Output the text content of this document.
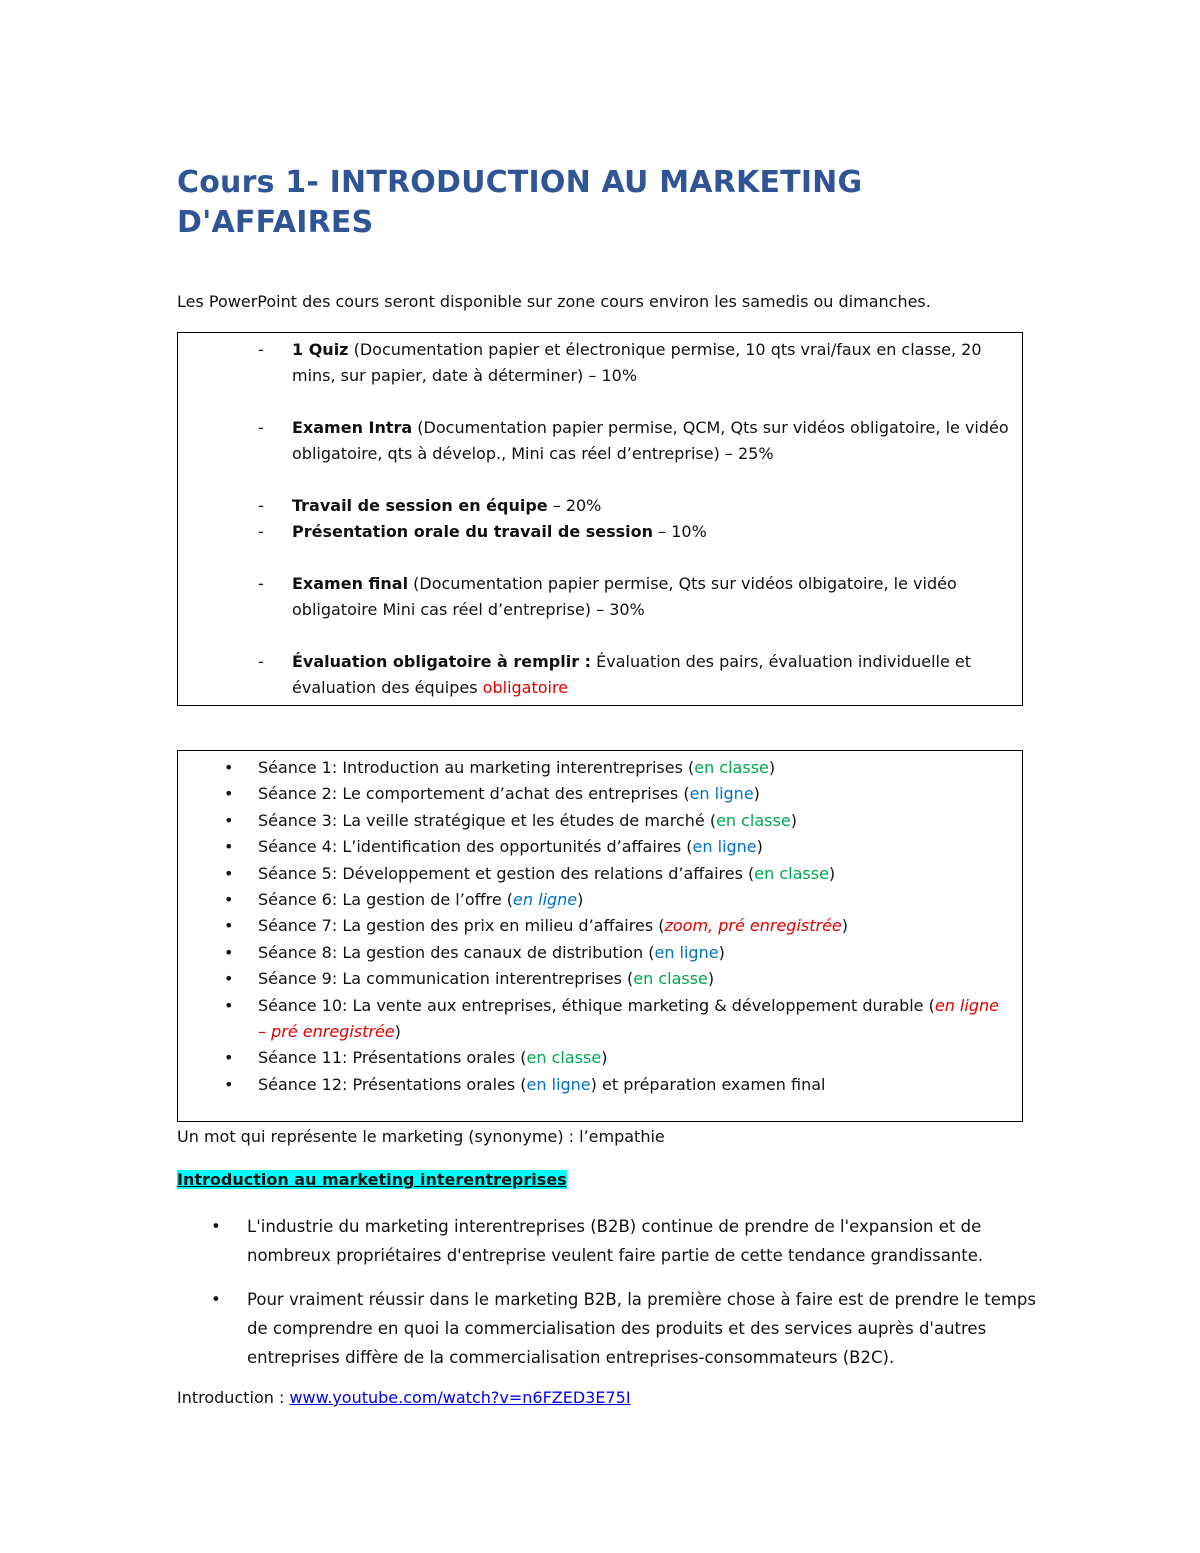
Cours 1- INTRODUCTION AU MARKETING D'AFFAIRES

Les PowerPoint des cours seront disponible sur zone cours environ les samedis ou dimanches.

- 1 Quiz (Documentation papier et électronique permise, 10 qts vrai/faux en classe, 20 mins, sur papier, date à déterminer) – 10%
- Examen Intra (Documentation papier permise, QCM, Qts sur vidéos obligatoire, le vidéo obligatoire, qts à dévelop., Mini cas réel d’entreprise) – 25%
- Travail de session en équipe – 20%
- Présentation orale du travail de session – 10%
- Examen final (Documentation papier permise, Qts sur vidéos olbigatoire, le vidéo obligatoire Mini cas réel d’entreprise) – 30%
- Évaluation obligatoire à remplir : Évaluation des pairs, évaluation individuelle et évaluation des équipes obligatoire
• Séance 1: Introduction au marketing interentreprises (en classe)
• Séance 2: Le comportement d’achat des entreprises (en ligne)
• Séance 3: La veille stratégique et les études de marché (en classe)
• Séance 4: L’identification des opportunités d’affaires (en ligne)
• Séance 5: Développement et gestion des relations d’affaires (en classe)
• Séance 6: La gestion de l’offre (en ligne)
• Séance 7: La gestion des prix en milieu d’affaires (zoom, pré enregistrée)
• Séance 8: La gestion des canaux de distribution (en ligne)
• Séance 9: La communication interentreprises (en classe)
• Séance 10: La vente aux entreprises, éthique marketing & développement durable (en ligne – pré enregistrée)
• Séance 11: Présentations orales (en classe)
• Séance 12: Présentations orales (en ligne) et préparation examen final

Un mot qui représente le marketing (synonyme) : l’empathie

Introduction au marketing interentreprises
• L'industrie du marketing interentreprises (B2B) continue de prendre de l'expansion et de nombreux propriétaires d'entreprise veulent faire partie de cette tendance grandissante.
• Pour vraiment réussir dans le marketing B2B, la première chose à faire est de prendre le temps de comprendre en quoi la commercialisation des produits et des services auprès d'autres entreprises diffère de la commercialisation entreprises-consommateurs (B2C).

Introduction : www.youtube.com/watch?v=n6FZED3E75I
